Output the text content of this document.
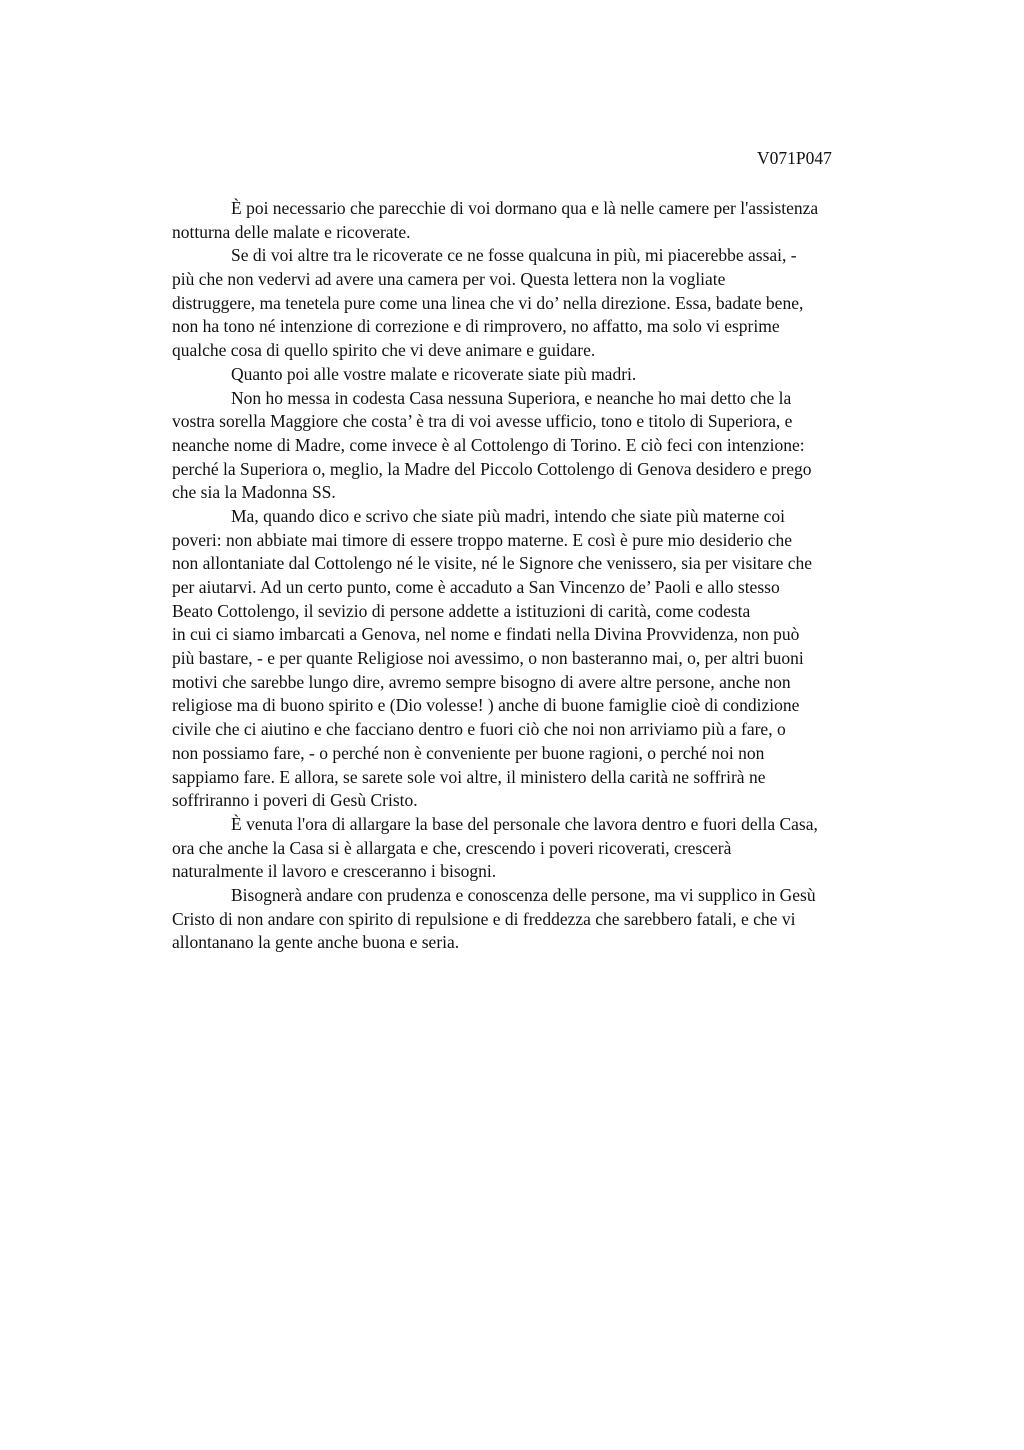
V071P047
È poi necessario che parecchie di voi dormano qua e là nelle camere per l'assistenza
notturna delle malate e ricoverate.
Se di voi altre tra le ricoverate ce ne fosse qualcuna in più, mi piacerebbe assai, -
più che non vedervi ad avere una camera per voi. Questa lettera non la vogliate
distruggere, ma tenetela pure come una linea che vi do’ nella direzione. Essa, badate bene,
non ha tono né intenzione di correzione e di rimprovero, no affatto, ma solo vi esprime
qualche cosa di quello spirito che vi deve animare e guidare.
Quanto poi alle vostre malate e ricoverate siate più madri.
Non ho messa in codesta Casa nessuna Superiora, e neanche ho mai detto che la
vostra sorella Maggiore che costa’ è tra di voi avesse ufficio, tono e titolo di Superiora, e
neanche nome di Madre, come invece è al Cottolengo di Torino. E ciò feci con intenzione:
perché la Superiora o, meglio, la Madre del Piccolo Cottolengo di Genova desidero e prego
che sia la Madonna SS.
Ma, quando dico e scrivo che siate più madri, intendo che siate più materne coi
poveri: non abbiate mai timore di essere troppo materne. E così è pure mio desiderio che
non allontaniate dal Cottolengo né le visite, né le Signore che venissero, sia per visitare che
per aiutarvi. Ad un certo punto, come è accaduto a San Vincenzo de’ Paoli e allo stesso
Beato Cottolengo, il sevizio di persone addette a istituzioni di carità, come codesta
in cui ci siamo imbarcati a Genova, nel nome e findati nella Divina Provvidenza, non può
più bastare, - e per quante Religiose noi avessimo, o non basteranno mai, o, per altri buoni
motivi che sarebbe lungo dire, avremo sempre bisogno di avere altre persone, anche non
religiose ma di buono spirito e (Dio volesse! ) anche di buone famiglie cioè di condizione
civile che ci aiutino e che facciano dentro e fuori ciò che noi non arriviamo più a fare, o
non possiamo fare, - o perché non è conveniente per buone ragioni, o perché noi non
sappiamo fare. E allora, se sarete sole voi altre, il ministero della carità ne soffrirà ne
soffriranno i poveri di Gesù Cristo.
È venuta l'ora di allargare la base del personale che lavora dentro e fuori della Casa,
ora che anche la Casa si è allargata e che, crescendo i poveri ricoverati, crescerà
naturalmente il lavoro e cresceranno i bisogni.
Bisognerà andare con prudenza e conoscenza delle persone, ma vi supplico in Gesù
Cristo di non andare con spirito di repulsione e di freddezza che sarebbero fatali, e che vi
allontanano la gente anche buona e seria.
